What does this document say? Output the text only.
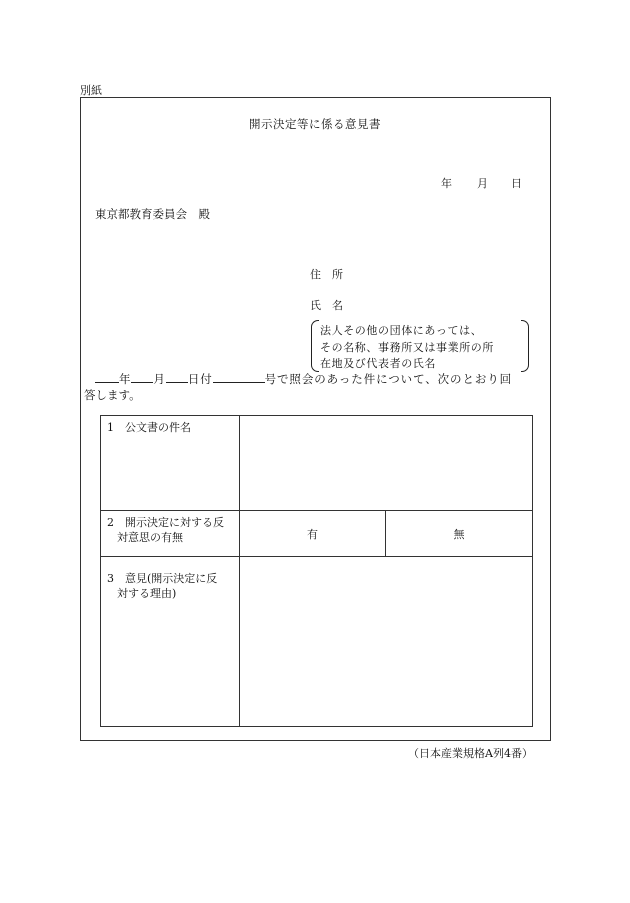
別紙
開示決定等に係る意見書
年 月 日
東京都教育委員会　殿
住　所
氏　名
法人その他の団体にあっては、
その名称、事務所又は事業所の所
在地及び代表者の氏名
年 月 日付	号で照会のあった件について、次のとおり回
答します。
1　公文書の件名		

2　開示決定に対する反
対意思の有無	有	無

3　意見(開示決定に反
対する理由)		

（日本産業規格A列4番）
